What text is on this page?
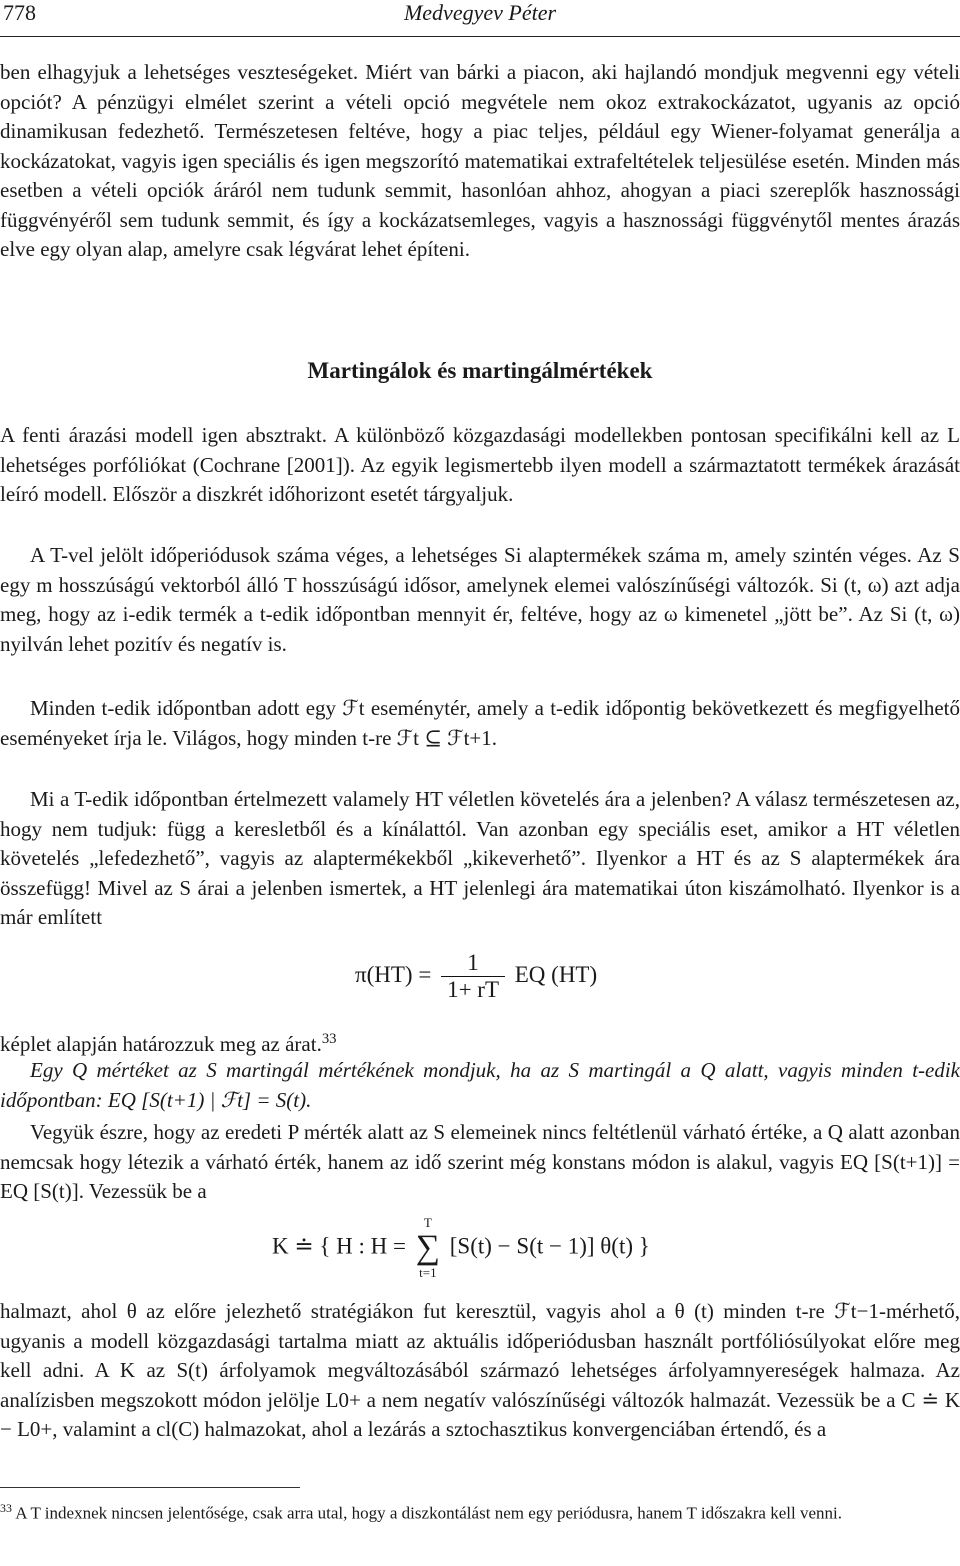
778	Medvegyev Péter
ben elhagyjuk a lehetséges veszteségeket. Miért van bárki a piacon, aki hajlandó mondjuk megvenni egy vételi opciót? A pénzügyi elmélet szerint a vételi opció megvétele nem okoz extrakockázatot, ugyanis az opció dinamikusan fedezhető. Természetesen feltéve, hogy a piac teljes, például egy Wiener-folyamat generálja a kockázatokat, vagyis igen speciális és igen megszorító matematikai extrafeltételek teljesülése esetén. Minden más esetben a vételi opciók áráról nem tudunk semmit, hasonlóan ahhoz, ahogyan a piaci szereplők hasznossági függvényéről sem tudunk semmit, és így a kockázatsemleges, vagyis a hasznossági függvénytől mentes árazás elve egy olyan alap, amelyre csak légvárat lehet építeni.
Martingálok és martingálmértékek
A fenti árazási modell igen absztrakt. A különböző közgazdasági modellekben pontosan specifikálni kell az L lehetséges porfóliókat (Cochrane [2001]). Az egyik legismertebb ilyen modell a származtatott termékek árazását leíró modell. Először a diszkrét időhorizont esetét tárgyaljuk.
A T-vel jelölt időperiódusok száma véges, a lehetséges Si alaptermékek száma m, amely szintén véges. Az S egy m hosszúságú vektorból álló T hosszúságú idősor, amelynek elemei valószínűségi változók. Si (t, ω) azt adja meg, hogy az i-edik termék a t-edik időpontban mennyit ér, feltéve, hogy az ω kimenetel „jött be”. Az Si (t, ω) nyilván lehet pozitív és negatív is.
Minden t-edik időpontban adott egy ℱt eseménytér, amely a t-edik időpontig bekövetkezett és megfigyelhető eseményeket írja le. Világos, hogy minden t-re ℱt ⊆ ℱt+1.
Mi a T-edik időpontban értelmezett valamely HT véletlen követelés ára a jelenben? A válasz természetesen az, hogy nem tudjuk: függ a keresletből és a kínálattól. Van azonban egy speciális eset, amikor a HT véletlen követelés „lefedezhető”, vagyis az alaptermékekből „kikeverhető”. Ilyenkor a HT és az S alaptermékek ára összefügg! Mivel az S árai a jelenben ismertek, a HT jelenlegi ára matematikai úton kiszámolható. Ilyenkor is a már említett
$\pi(HT) = \frac{1}{1+ rT}$ EQ (HT)
képlet alapján határozzuk meg az árat.$^{33}$
Egy Q mértéket az S martingál mértékének mondjuk, ha az S martingál a Q alatt, vagyis minden t-edik időpontban: EQ [S(t+1) | ℱt] = S(t).
Vegyük észre, hogy az eredeti P mérték alatt az S elemeinek nincs feltétlenül várható értéke, a Q alatt azonban nemcsak hogy létezik a várható érték, hanem az idő szerint még konstans módon is alakul, vagyis EQ [S(t+1)] = EQ [S(t)]. Vezessük be a
K ≐ { H : H =
T
∑
t=1
[S(t) − S(t − 1)] θ(t) }
halmazt, ahol θ az előre jelezhető stratégiákon fut keresztül, vagyis ahol a θ (t) minden t-re ℱt−1-mérhető, ugyanis a modell közgazdasági tartalma miatt az aktuális időperiódusban használt portfóliósúlyokat előre meg kell adni. A K az S(t) árfolyamok megváltozásából származó lehetséges árfolyamnyereségek halmaza. Az analízisben megszokott módon jelölje L0+ a nem negatív valószínűségi változók halmazát. Vezessük be a C ≐ K − L0+, valamint a cl(C) halmazokat, ahol a lezárás a sztochasztikus konvergenciában értendő, és a
$^{33}$ A T indexnek nincsen jelentősége, csak arra utal, hogy a diszkontálást nem egy periódusra, hanem T időszakra kell venni.
